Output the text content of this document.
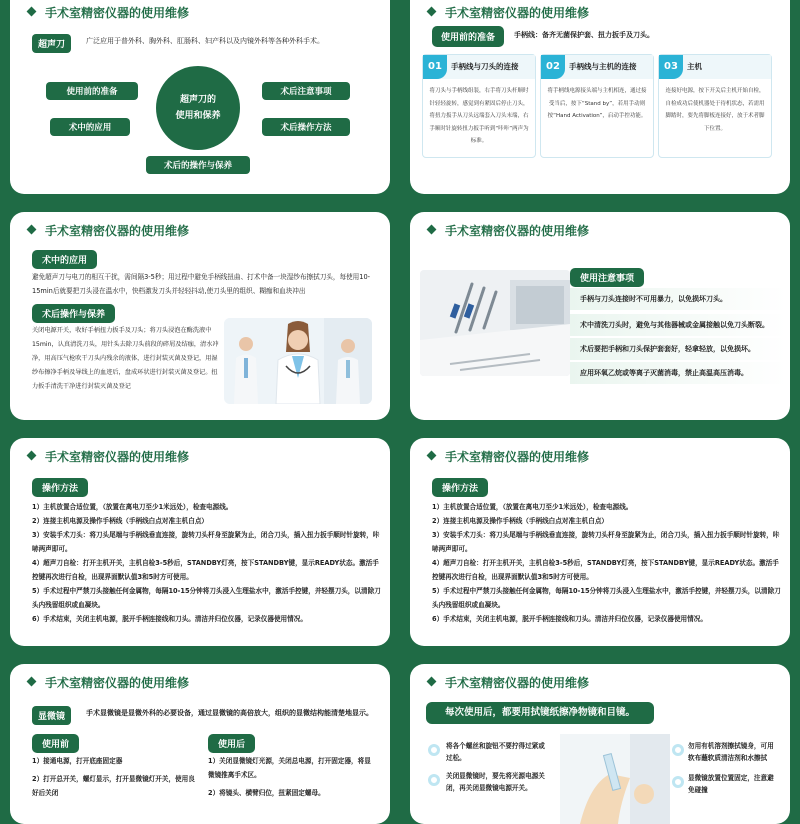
手术室精密仪器的使用维修
超声刀	广泛应用于普外科、胸外科、肛肠科、妇产科以及内镜外科等各种外科手术。
超声刀的
使用和保养
使用前的准备
术中的应用
术后注意事项
术后操作方法
术后的操作与保养
手术室精密仪器的使用维修
使用前的准备	手柄线：备齐无菌保护套、扭力扳手及刀头。
01	手柄线与刀头的连接
将刀头与手柄线组装，右手将刀头杆顺时针轻轻旋转，感觉到有紧固后停止刀头，将扭力扳手从刀头远端套入刀头末端，右手顺时针旋转扭力扳手听到“咔咔”两声为标准。
02	手柄线与主机的连接
将手柄线电源接头端与主机相连，通过接受当后，按下“Stand by”，若用手动则按“Hand Activation”，启动手控功能。
03	主机
连接好电源，按下开关后主机开始自检，自检成功后使机器处于待机状态，若需用脚踏时，要先将脚板连接好，放于术者脚下位置。
手术室精密仪器的使用维修
术中的应用
避免超声刀与电刀的相互干扰，需间隔3-5秒；用过程中避免手柄线扭曲、打术中备一块湿纱布擦拭刀头，每使用10-15min后就要把刀头浸在温水中，快档激发刀头并轻轻抖动,使刀头里的组织、糊痂和血块冲出
术后操作与保养
关闭电源开关，收好手柄扭力扳手及刀头；将刀头浸泡在酶洗液中15min，认真清洗刀头，用针头去除刀头前段的碎屑及结痂，清水冲净，用高压气枪吹干刀头内残余的液体，进行封装灭菌及登记，用湿纱布擦净手柄及导线上的血迹后，盘成环状进行封装灭菌及登记。扭力扳手清洗干净进行封装灭菌及登记
手术室精密仪器的使用维修
使用注意事项
手柄与刀头连接时不可用暴力，以免损坏刀头。
术中清洗刀头时，避免与其他器械或金属接触以免刀头断裂。
术后要把手柄和刀头保护套套好，轻拿轻放，以免损坏。
应用环氧乙烷或等离子灭菌消毒，禁止高温高压消毒。
手术室精密仪器的使用维修
操作方法
1）主机放置合适位置，（放置在离电刀至少1米远处），检查电源线。
2）连接主机电源及操作手柄线（手柄线白点对准主机白点）
3）安装手术刀头：将刀头尾端与手柄线垂直连接，旋转刀头杆身至旋紧为止，闭合刀头，插入扭力扳手顺时针旋转，咔哧两声即可。
4）超声刀自检：打开主机开关，主机自检3-5秒后，STANDBY灯亮，按下STANDBY键，显示READY状态。激活手控键再次进行自检，出现界面默认值3和5时方可使用。
5）手术过程中严禁刀头接触任何金属物，每隔10-15分钟将刀头浸入生理盐水中，激活手控键，并轻摆刀头，以清除刀头内残留组织或血凝块。
6）手术结束，关闭主机电源，脱开手柄连接线和刀头。清洁并归位仪器，记录仪器使用情况。
手术室精密仪器的使用维修
操作方法
1）主机放置合适位置，（放置在离电刀至少1米远处），检查电源线。
2）连接主机电源及操作手柄线（手柄线白点对准主机白点）
3）安装手术刀头：将刀头尾端与手柄线垂直连接，旋转刀头杆身至旋紧为止，闭合刀头，插入扭力扳手顺时针旋转，咔哧两声即可。
4）超声刀自检：打开主机开关，主机自检3-5秒后，STANDBY灯亮，按下STANDBY键，显示READY状态。激活手控键再次进行自检，出现界面默认值3和5时方可使用。
5）手术过程中严禁刀头接触任何金属物，每隔10-15分钟将刀头浸入生理盐水中，激活手控键，并轻摆刀头，以清除刀头内残留组织或血凝块。
6）手术结束，关闭主机电源，脱开手柄连接线和刀头。清洁并归位仪器，记录仪器使用情况。
手术室精密仪器的使用维修
显微镜	手术显微镜是显微外科的必要设备，通过显微镜的高倍放大，组织的显微结构能清楚地显示。
使用前	使用后
1）接通电源，打开底座固定器
2）打开总开关，螺灯显示，打开显微镜灯开关，使用良好后关闭
1）关闭显微镜灯光源，关闭总电源，打开固定器，将显微镜推离手术区。
2）将镜头、横臂归位，扭紧固定螺母。
手术室精密仪器的使用维修
每次使用后，都要用拭镜纸擦净物镜和目镜。
将各个螺丝和旋钮不要拧得过紧或过松。
关闭显微镜时，要先将光源电源关闭，再关闭显微镜电源开关。
勿用有机溶剂擦拭镜身，可用软布蘸软质清洁剂和水擦拭
显微镜放置位置固定，注意避免碰撞
